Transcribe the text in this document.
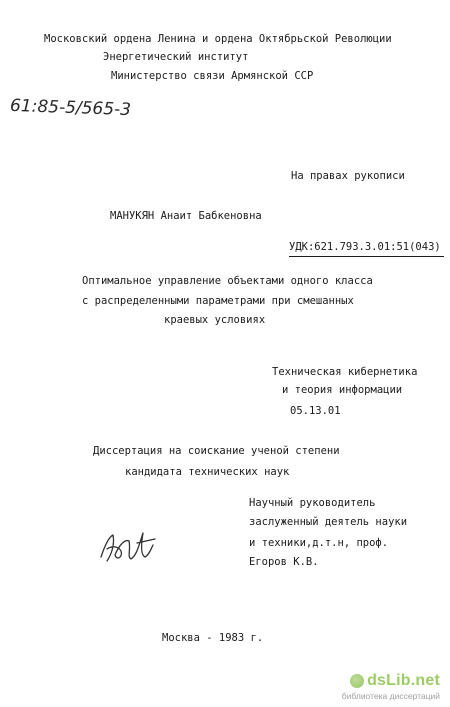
Московский ордена Ленина и ордена Октябрьской Революции
Энергетический институт
Министерство связи Армянской ССР
61:85-5/565-3
На правах рукописи
МАНУКЯН Анаит Бабкеновна
УДК:621.793.3.01:51(043)
Оптимальное управление объектами одного класса
с распределенными параметрами при смешанных
краевых условиях
Техническая кибернетика
и теория информации
05.13.01
Диссертация на соискание ученой степени
кандидата технических наук
Научный руководитель
заслуженный деятель науки
и техники,д.т.н, проф.
Егоров К.В.
Москва - 1983 г.
dsLib.net
библиотека диссертаций
